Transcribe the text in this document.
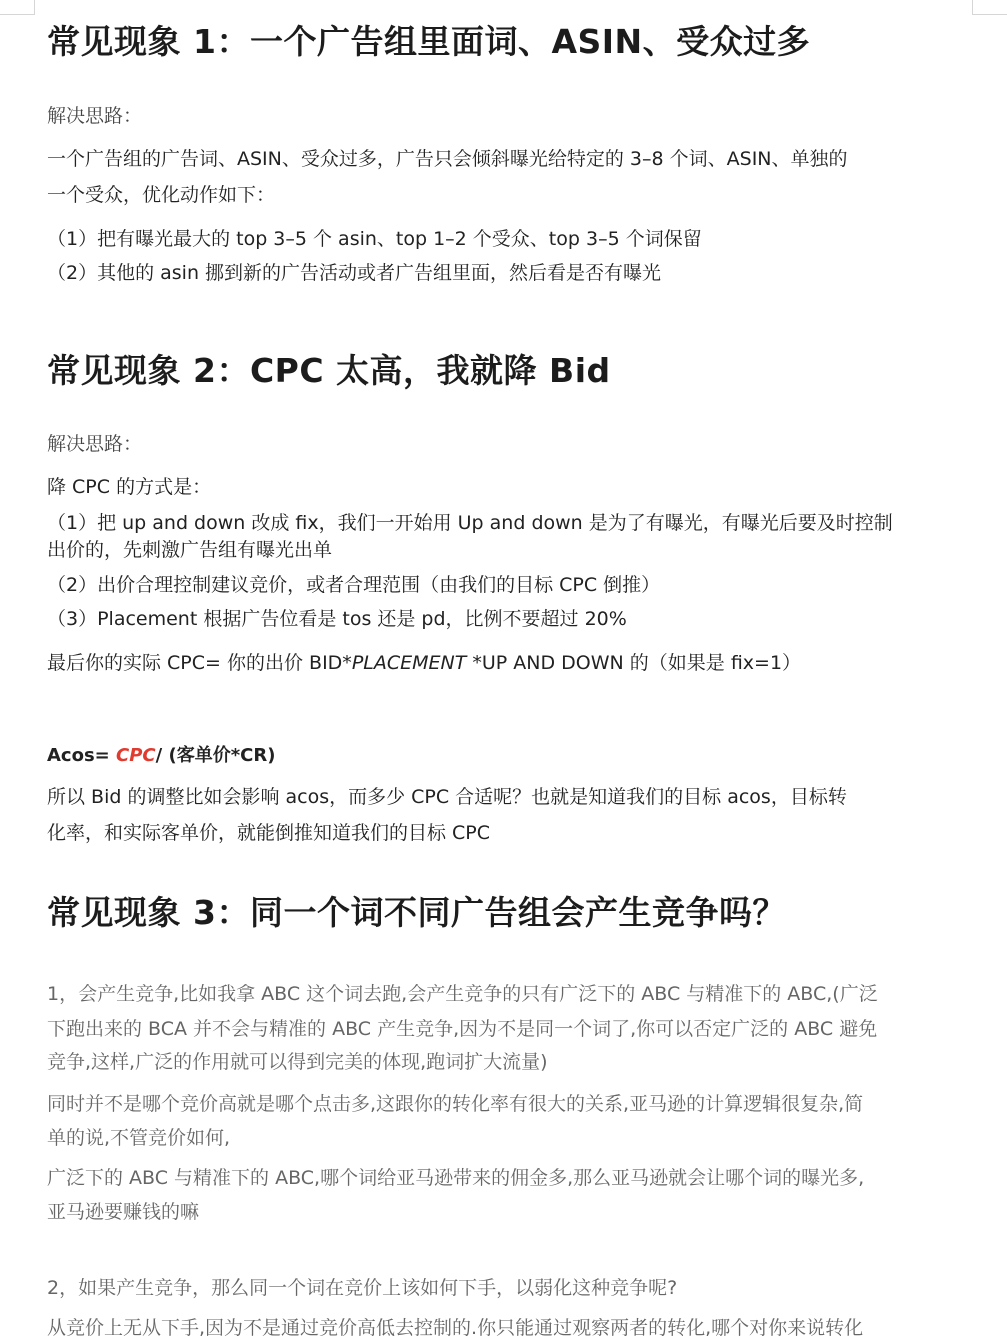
常见现象 1：一个广告组里面词、ASIN、受众过多
解决思路：
一个广告组的广告词、ASIN、受众过多，广告只会倾斜曝光给特定的 3–8 个词、ASIN、单独的
一个受众，优化动作如下：
（1）把有曝光最大的 top 3–5 个 asin、top 1–2 个受众、top 3–5 个词保留
（2）其他的 asin 挪到新的广告活动或者广告组里面，然后看是否有曝光
常见现象 2：CPC 太高，我就降 Bid
解决思路：
降 CPC 的方式是：
（1）把 up and down 改成 fix，我们一开始用 Up and down 是为了有曝光，有曝光后要及时控制
出价的，先刺激广告组有曝光出单
（2）出价合理控制建议竞价，或者合理范围（由我们的目标 CPC 倒推）
（3）Placement 根据广告位看是 tos 还是 pd，比例不要超过 20%
最后你的实际 CPC= 你的出价 BID*PLACEMENT *UP AND DOWN 的（如果是 fix=1）
Acos= CPC/ (客单价*CR)
所以 Bid 的调整比如会影响 acos，而多少 CPC 合适呢？也就是知道我们的目标 acos，目标转
化率，和实际客单价，就能倒推知道我们的目标 CPC
常见现象 3：同一个词不同广告组会产生竞争吗？
1，会产生竞争,比如我拿 ABC 这个词去跑,会产生竞争的只有广泛下的 ABC 与精准下的 ABC,(广泛
下跑出来的 BCA 并不会与精准的 ABC 产生竞争,因为不是同一个词了,你可以否定广泛的 ABC 避免
竞争,这样,广泛的作用就可以得到完美的体现,跑词扩大流量)
同时并不是哪个竞价高就是哪个点击多,这跟你的转化率有很大的关系,亚马逊的计算逻辑很复杂,简
单的说,不管竞价如何,
广泛下的 ABC 与精准下的 ABC,哪个词给亚马逊带来的佣金多,那么亚马逊就会让哪个词的曝光多,
亚马逊要赚钱的嘛
2，如果产生竞争，那么同一个词在竞价上该如何下手，以弱化这种竞争呢?
从竞价上无从下手,因为不是通过竞价高低去控制的.你只能通过观察两者的转化,哪个对你来说转化
